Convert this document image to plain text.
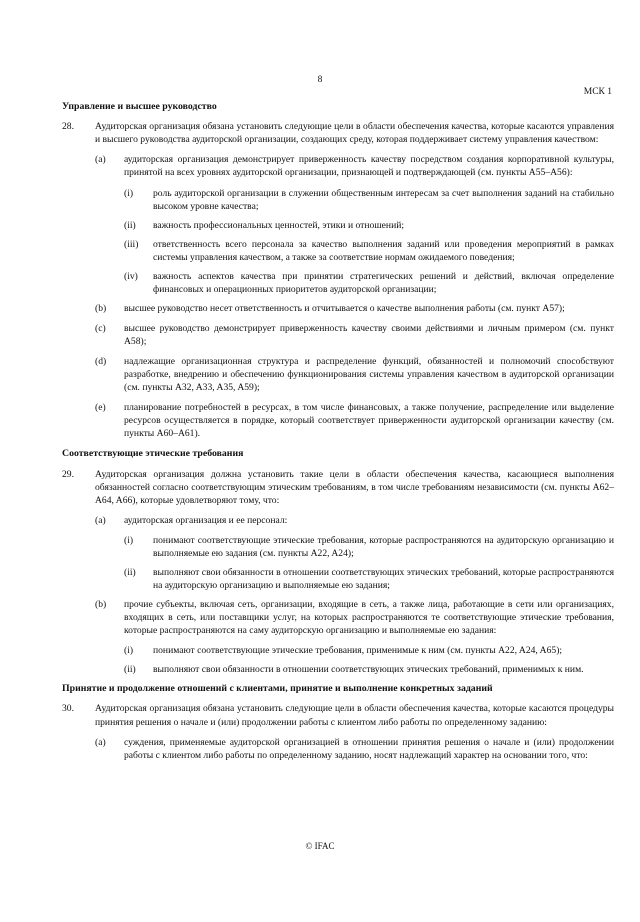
8
МСК 1
Управление и высшее руководство
28. Аудиторская организация обязана установить следующие цели в области обеспечения качества, которые касаются управления и высшего руководства аудиторской организации, создающих среду, которая поддерживает систему управления качеством:
(a) аудиторская организация демонстрирует приверженность качеству посредством создания корпоративной культуры, принятой на всех уровнях аудиторской организации, признающей и подтверждающей (см. пункты A55–A56):
(i) роль аудиторской организации в служении общественным интересам за счет выполнения заданий на стабильно высоком уровне качества;
(ii) важность профессиональных ценностей, этики и отношений;
(iii) ответственность всего персонала за качество выполнения заданий или проведения мероприятий в рамках системы управления качеством, а также за соответствие нормам ожидаемого поведения;
(iv) важность аспектов качества при принятии стратегических решений и действий, включая определение финансовых и операционных приоритетов аудиторской организации;
(b) высшее руководство несет ответственность и отчитывается о качестве выполнения работы (см. пункт A57);
(c) высшее руководство демонстрирует приверженность качеству своими действиями и личным примером (см. пункт A58);
(d) надлежащие организационная структура и распределение функций, обязанностей и полномочий способствуют разработке, внедрению и обеспечению функционирования системы управления качеством в аудиторской организации (см. пункты A32, A33, A35, A59);
(e) планирование потребностей в ресурсах, в том числе финансовых, а также получение, распределение или выделение ресурсов осуществляется в порядке, который соответствует приверженности аудиторской организации качеству (см. пункты A60–A61).
Соответствующие этические требования
29. Аудиторская организация должна установить такие цели в области обеспечения качества, касающиеся выполнения обязанностей согласно соответствующим этическим требованиям, в том числе требованиям независимости (см. пункты A62–A64, A66), которые удовлетворяют тому, что:
(a) аудиторская организация и ее персонал:
(i) понимают соответствующие этические требования, которые распространяются на аудиторскую организацию и выполняемые ею задания (см. пункты A22, A24);
(ii) выполняют свои обязанности в отношении соответствующих этических требований, которые распространяются на аудиторскую организацию и выполняемые ею задания;
(b) прочие субъекты, включая сеть, организации, входящие в сеть, а также лица, работающие в сети или организациях, входящих в сеть, или поставщики услуг, на которых распространяются те соответствующие этические требования, которые распространяются на саму аудиторскую организацию и выполняемые ею задания:
(i) понимают соответствующие этические требования, применимые к ним (см. пункты A22, A24, A65);
(ii) выполняют свои обязанности в отношении соответствующих этических требований, применимых к ним.
Принятие и продолжение отношений с клиентами, принятие и выполнение конкретных заданий
30. Аудиторская организация обязана установить следующие цели в области обеспечения качества, которые касаются процедуры принятия решения о начале и (или) продолжении работы с клиентом либо работы по определенному заданию:
(a) суждения, применяемые аудиторской организацией в отношении принятия решения о начале и (или) продолжении работы с клиентом либо работы по определенному заданию, носят надлежащий характер на основании того, что:
© IFAC
